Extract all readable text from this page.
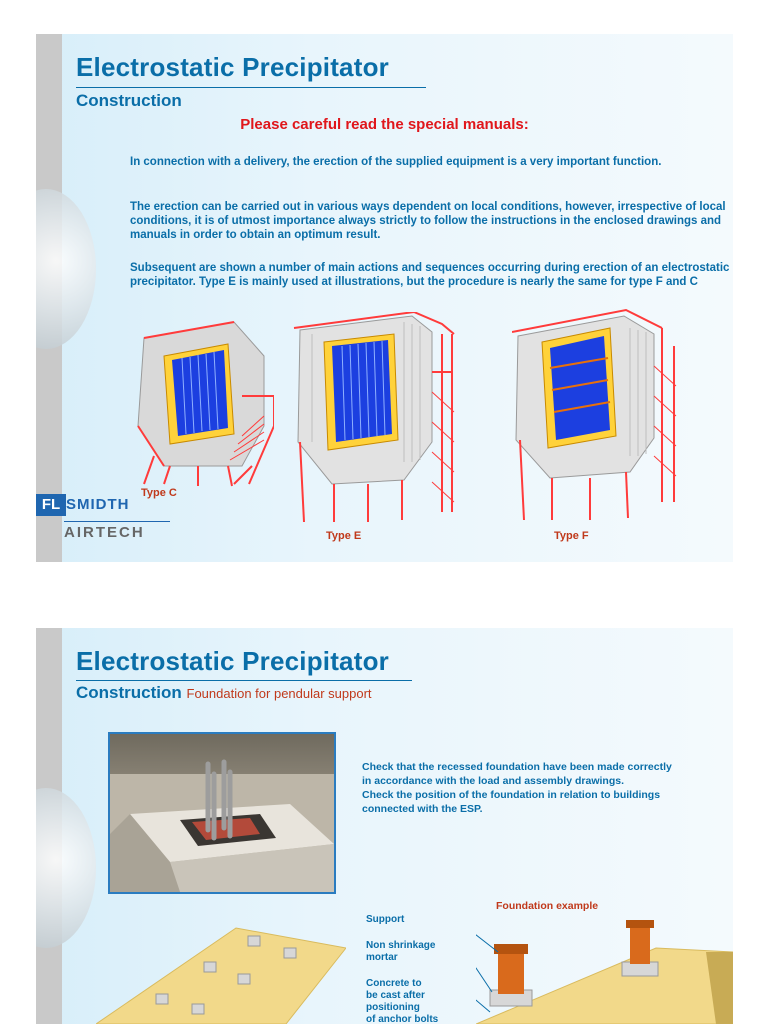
Electrostatic Precipitator
Construction
Please careful read the special manuals:
In connection with a delivery, the erection of the supplied equipment is a very important function.
The erection can be carried out in various ways dependent on local conditions, however, irrespective of local conditions, it is of utmost importance always strictly to follow the instructions in the enclosed drawings and manuals in order to obtain an optimum result.
Subsequent are shown a number of main actions and sequences occurring during erection of an electrostatic precipitator. Type E is mainly used at illustrations, but the procedure is nearly the same for type F and C
Type C
Type E	Type F
FL SMIDTH
AIRTECH
Electrostatic Precipitator
Construction Foundation for pendular support
Check that the recessed foundation have been made correctly
in accordance with the load and assembly drawings.
Check the position of the foundation in relation to buildings
connected with the ESP.
Foundation example
Support
Non shrinkage
mortar
Concrete to
be cast after
positioning
of anchor bolts
